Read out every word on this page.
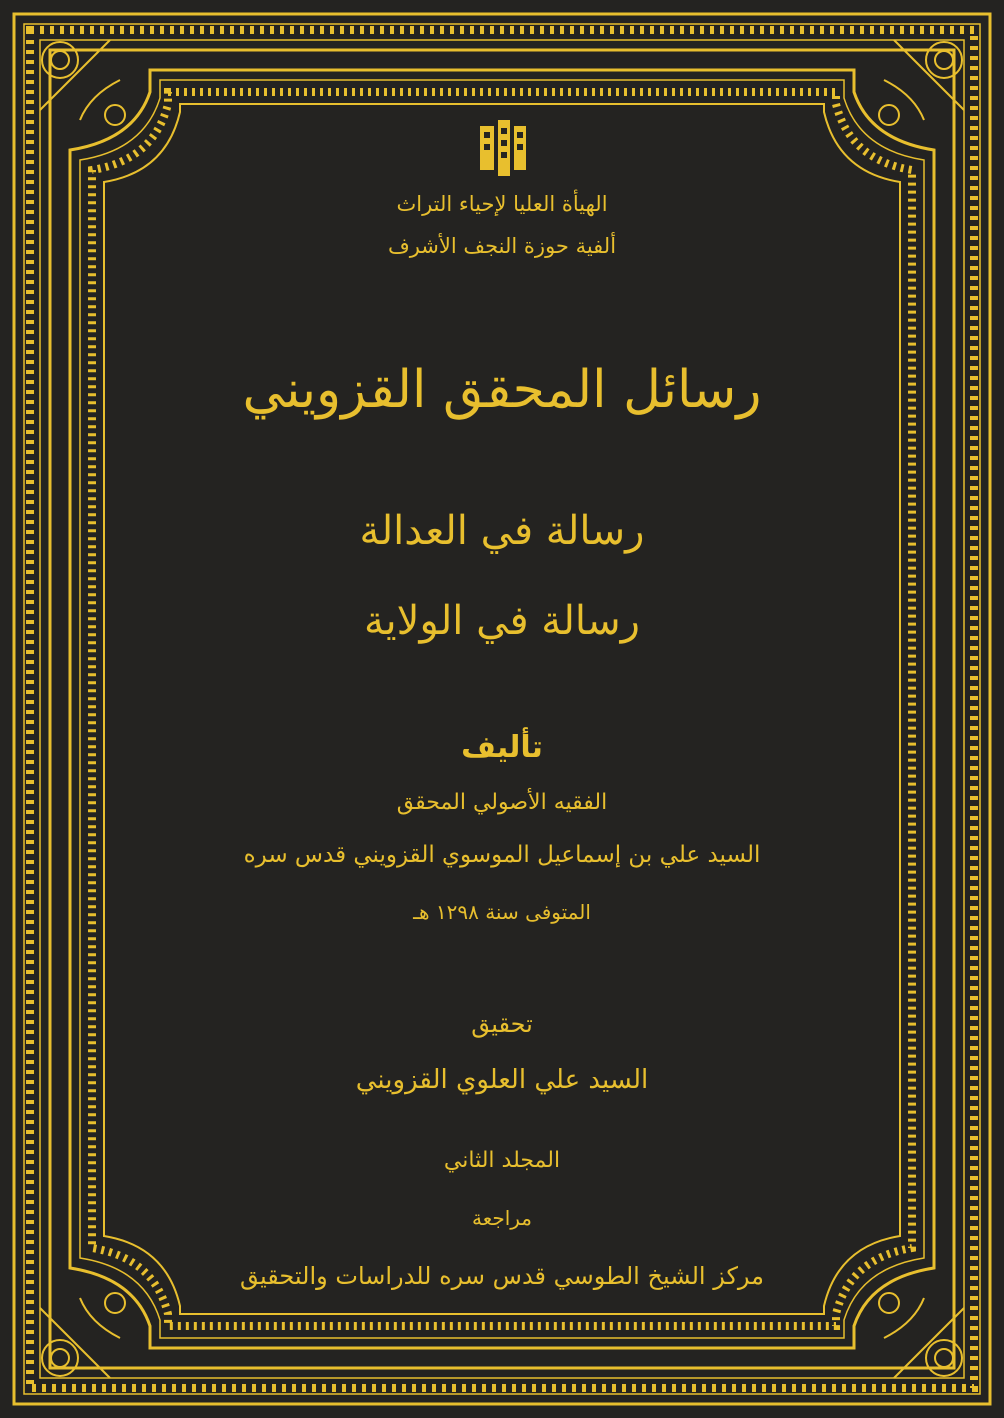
الهيأة العليا لإحياء التراث
ألفية حوزة النجف الأشرف
رسائل المحقق القزويني
رسالة في العدالة
رسالة في الولاية
تأليف
الفقيه الأصولي المحقق
السيد علي بن إسماعيل الموسوي القزويني قدس سره
المتوفى سنة ١٢٩٨ هـ
تحقيق
السيد علي العلوي القزويني
المجلد الثاني
مراجعة
مركز الشيخ الطوسي قدس سره للدراسات والتحقيق
